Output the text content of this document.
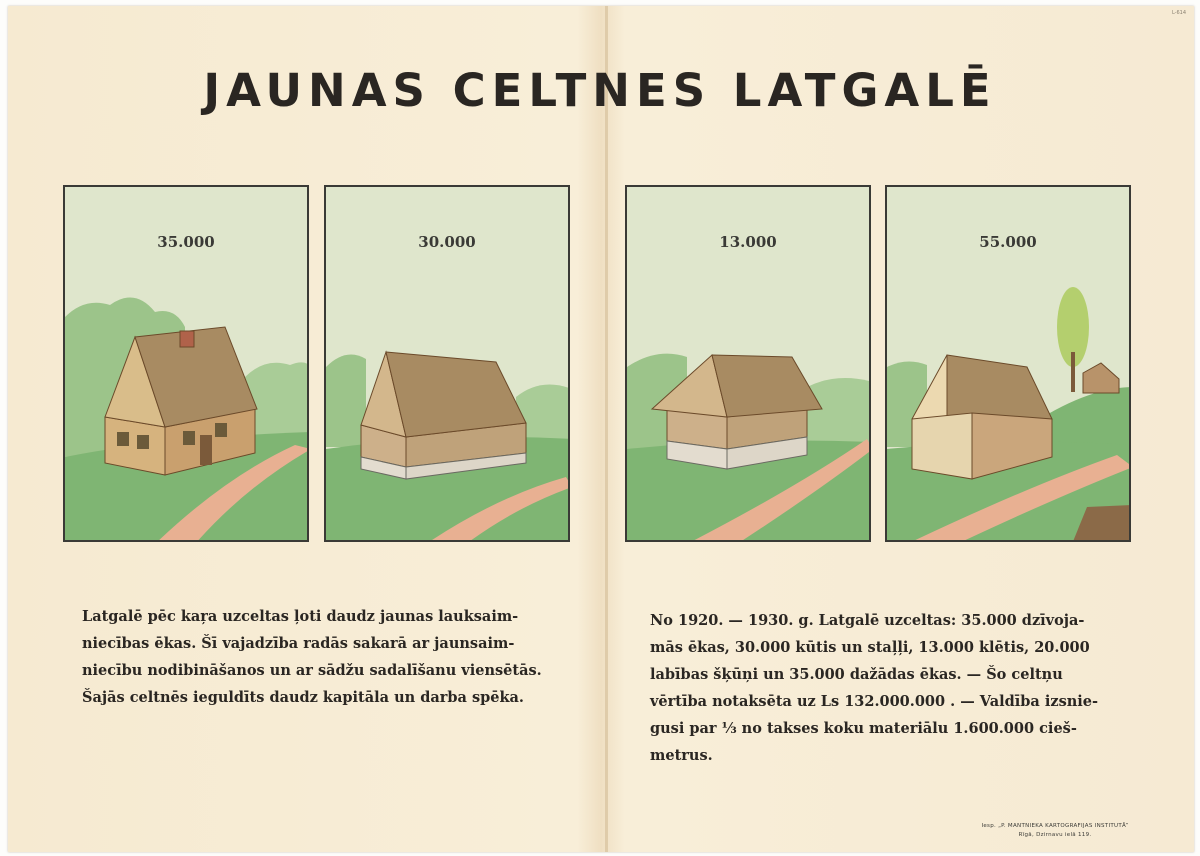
L-614
JAUNAS CELTNES LATGALĒ
35.000	30.000	13.000	55.000
Latgalē pēc kaŗa uzceltas ļoti daudz jaunas lauksaim-
niecības ēkas. Šī vajadzība radās sakarā ar jaunsaim-
niecību nodibināšanos un ar sādžu sadalīšanu viensētās.
Šajās celtnēs ieguldīts daudz kapitāla un darba spēka.
No 1920. — 1930. g. Latgalē uzceltas: 35.000 dzīvoja-
mās ēkas, 30.000 kūtis un staļļi, 13.000 klētis, 20.000
labības šķūņi un 35.000 dažādas ēkas. — Šo celtņu
vērtība notaksēta uz Ls 132.000.000 . — Valdība izsnie-
gusi par ⅓ no takses koku materiālu 1.600.000 cieš-
metrus.
Iesp. „P. MANTNIEKA KARTOGRAFIJAS INSTITUTĀ”
Rīgā, Dzirnavu ielā 119.
